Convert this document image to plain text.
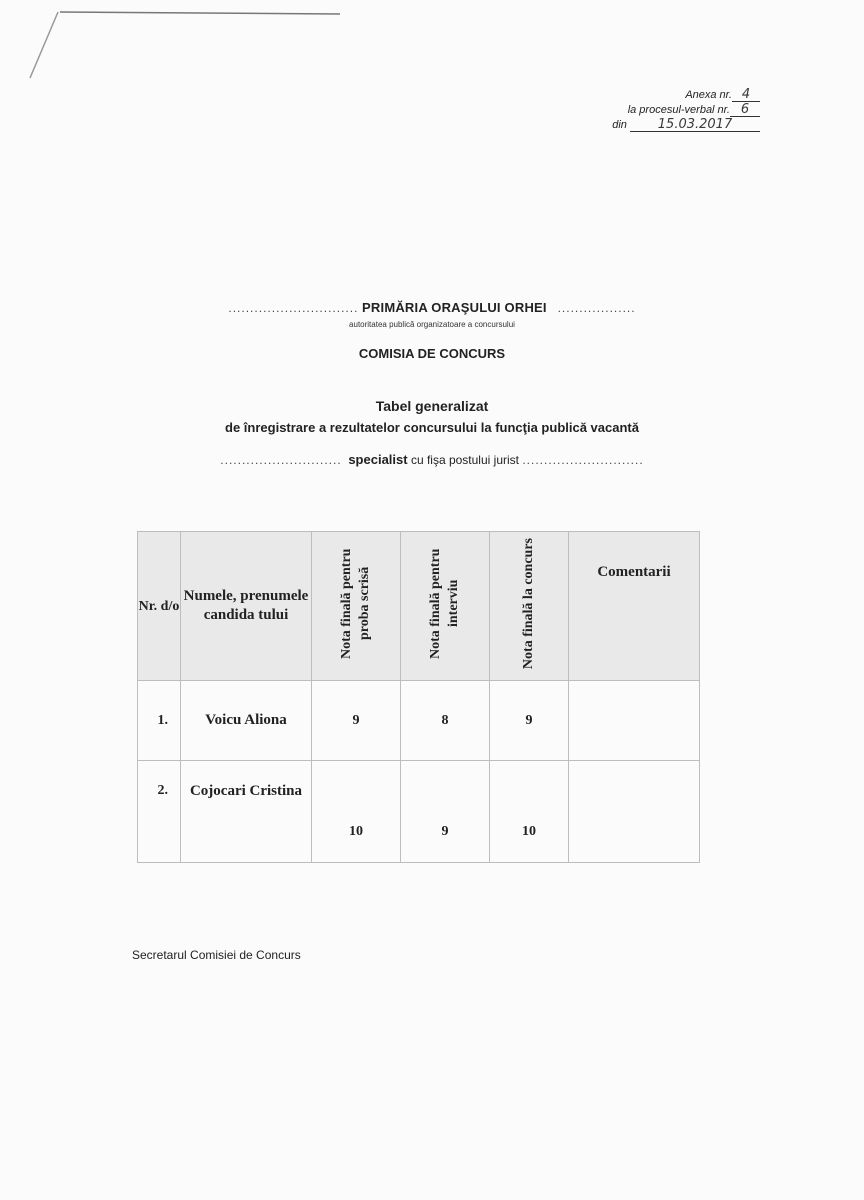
Anexa nr. 4
la procesul-verbal nr. 6
din 15.03.2017
.............................. PRIMĂRIA ORAŞULUI ORHEI ..................
autoritatea publică organizatoare a concursului
COMISIA DE CONCURS
Tabel generalizat
de înregistrare a rezultatelor concursului la funcţia publică vacantă
............................ specialist cu fişa postului jurist ............................
Nr. d/o	Numele, prenumele candida tului	Nota finală pentru proba scrisă	Nota finală pentru interviu	Nota finală la concurs	Comentarii

1.	Voicu Aliona	9	8	9	
2.	Cojocari Cristina	10	9	10	
Secretarul Comisiei de Concurs
